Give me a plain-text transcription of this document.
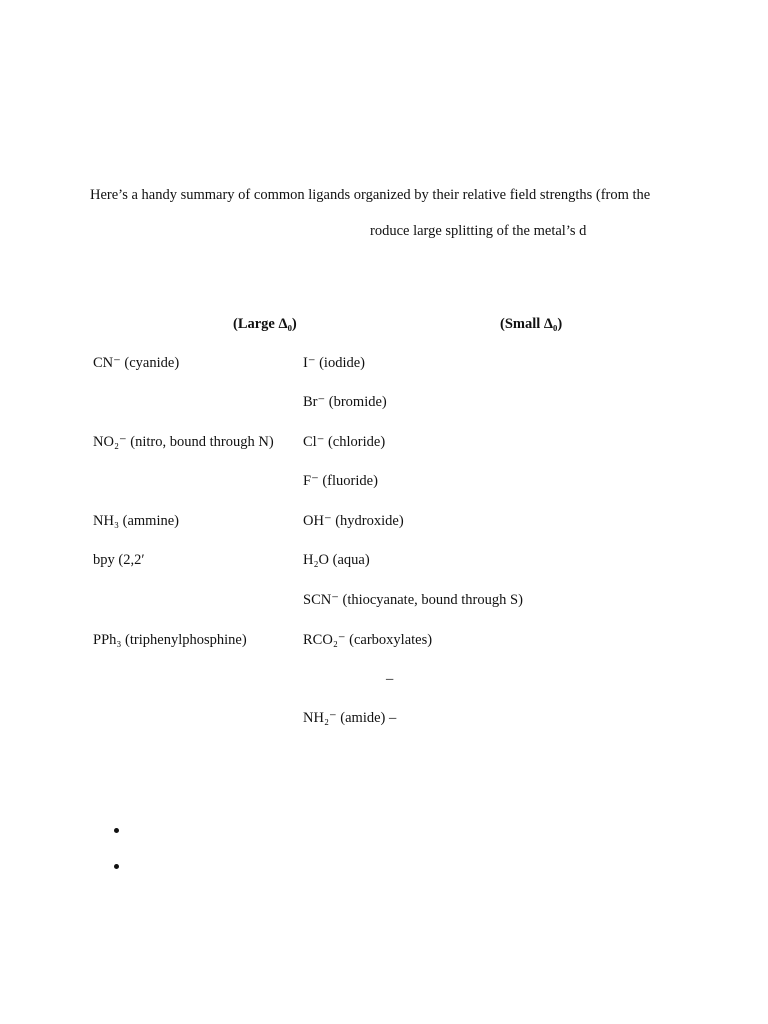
Here’s a handy summary of common ligands organized by their relative field strengths (from the
roduce large splitting of the metal’s d
(Large Δ₀)	(Small Δ₀)
CN⁻ (cyanide)
NO₂⁻ (nitro, bound through N)
NH₃ (ammine)
bpy (2,2′
PPh₃ (triphenylphosphine)
I⁻ (iodide)
Br⁻ (bromide)
Cl⁻ (chloride)
F⁻ (fluoride)
OH⁻ (hydroxide)
H₂O (aqua)
SCN⁻ (thiocyanate, bound through S)
RCO₂⁻ (carboxylates)
–
NH₂⁻ (amide) –
